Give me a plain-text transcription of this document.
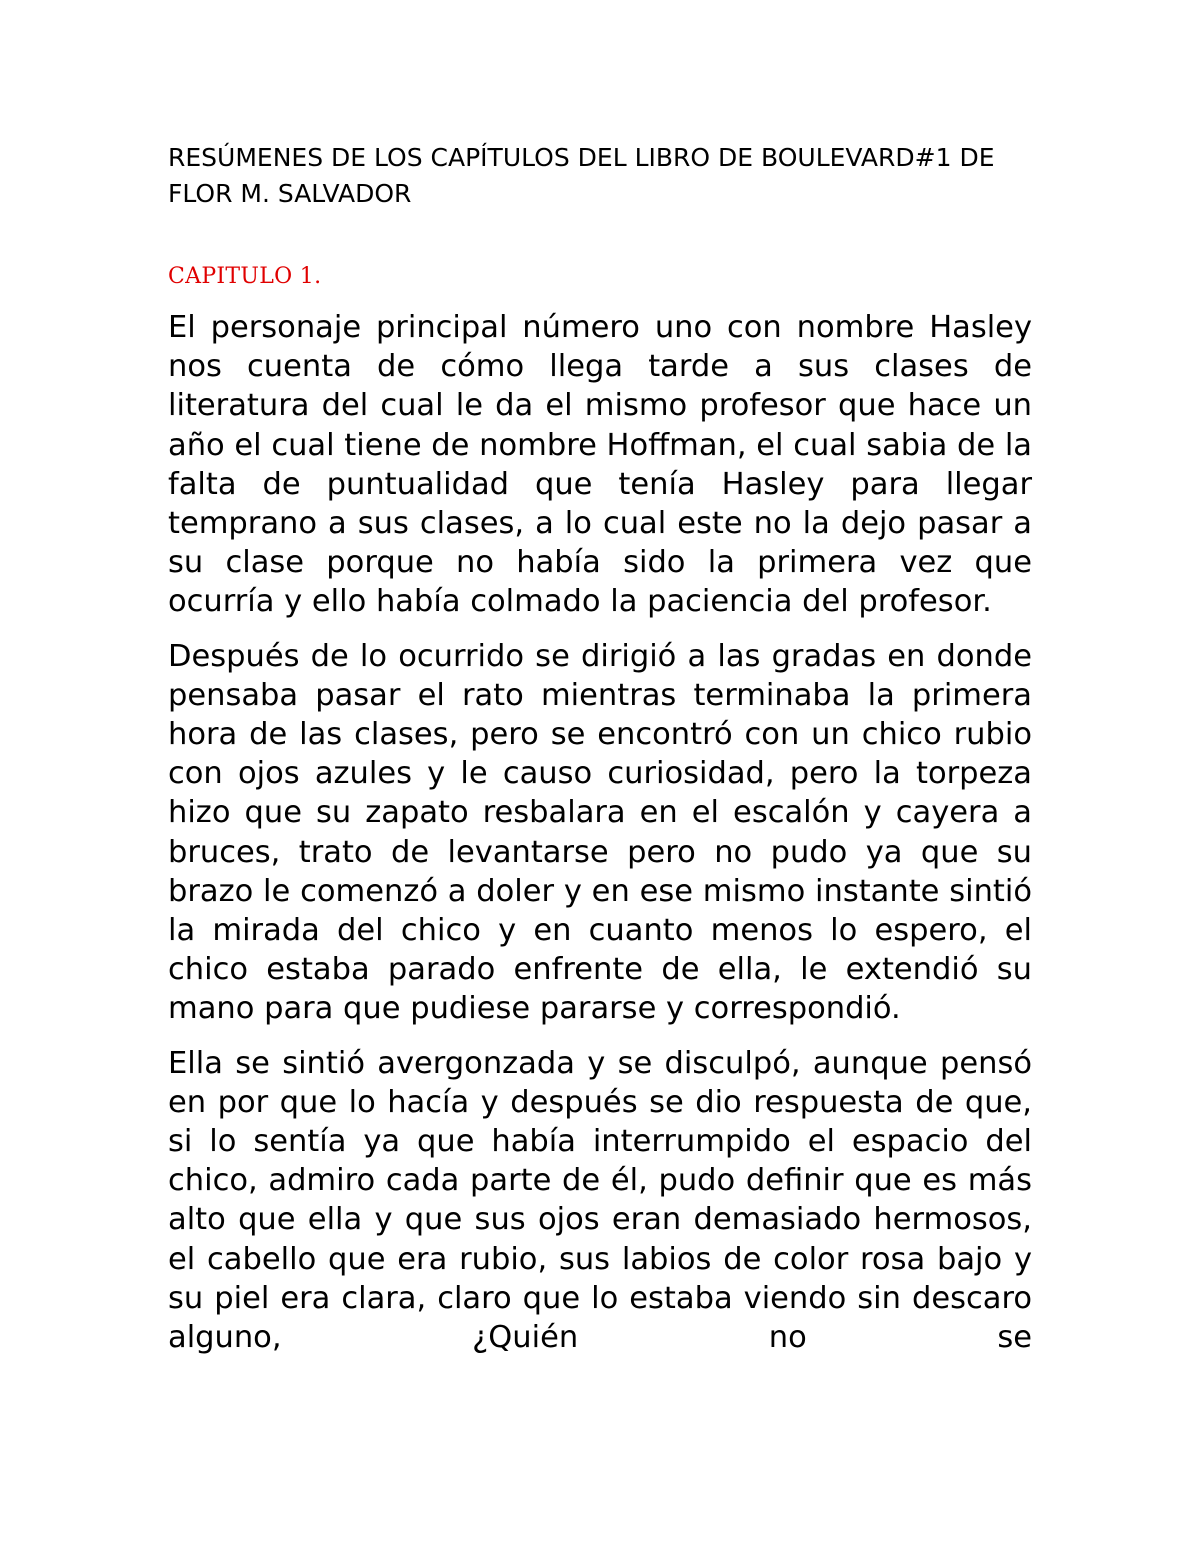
RESÚMENES DE LOS CAPÍTULOS DEL LIBRO DE BOULEVARD#1 DE FLOR M. SALVADOR
CAPITULO 1.

El personaje principal número uno con nombre Hasley nos cuenta de cómo llega tarde a sus clases de literatura del cual le da el mismo profesor que hace un año el cual tiene de nombre Hoffman, el cual sabia de la falta de puntualidad que tenía Hasley para llegar temprano a sus clases, a lo cual este no la dejo pasar a su clase porque no había sido la primera vez que ocurría y ello había colmado la paciencia del profesor.

Después de lo ocurrido se dirigió a las gradas en donde pensaba pasar el rato mientras terminaba la primera hora de las clases, pero se encontró con un chico rubio con ojos azules y le causo curiosidad, pero la torpeza hizo que su zapato resbalara en el escalón y cayera a bruces, trato de levantarse pero no pudo ya que su brazo le comenzó a doler y en ese mismo instante sintió la mirada del chico y en cuanto menos lo espero, el chico estaba parado enfrente de ella, le extendió su mano para que pudiese pararse y correspondió.

Ella se sintió avergonzada y se disculpó, aunque pensó en por que lo hacía y después se dio respuesta de que, si lo sentía ya que había interrumpido el espacio del chico, admiro cada parte de él, pudo definir que es más alto que ella y que sus ojos eran demasiado hermosos, el cabello que era rubio, sus labios de color rosa bajo y su piel era clara, claro que lo estaba viendo sin descaro alguno, ¿Quién no se
